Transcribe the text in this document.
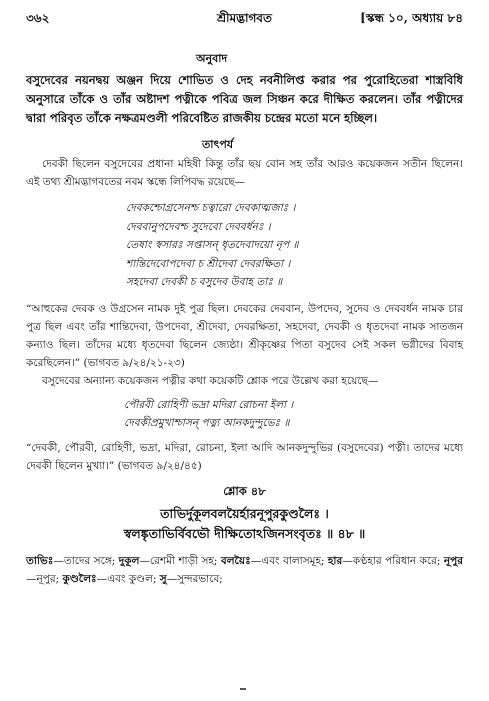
৩৬২	শ্রীমদ্ভাগবত	[স্কন্ধ ১০, অধ্যায় ৮৪
অনুবাদ

বসুদেবের নয়নদ্বয় অঞ্জন দিয়ে শোভিত ও দেহ নবনীলিপ্ত করার পর পুরোহিতেরা শাস্ত্রবিধি অনুসারে তাঁকে ও তাঁর অষ্টাদশ পত্নীকে পবিত্র জল সিঞ্চন করে দীক্ষিত করলেন। তাঁর পত্নীদের দ্বারা পরিবৃত তাঁকে নক্ষত্রমণ্ডলী পরিবেষ্টিত রাজকীয় চন্দ্রের মতো মনে হচ্ছিল।

তাৎপর্য

দেবকী ছিলেন বসুদেবের প্রধানা মহিষী কিন্তু তাঁর ছয় বোন সহ তাঁর আরও কয়েকজন সতীন ছিলেন। এই তথ্য শ্রীমদ্ভাগবতের নবম স্কন্ধে লিপিবদ্ধ রয়েছে—

দেবকশ্চোগ্রসেনশ্চ চত্বারো দেবকাত্মজাঃ ।
দেববানুপদেবশ্চ সুদেবো দেববর্ধনঃ ।
তেষাং স্বসারঃ সপ্তাসন্ ধৃতদেবাদয়ো নৃপ ॥
শান্তিদেবোপদেবা চ শ্রীদেবা দেবরক্ষিতা ।
সহদেবা দেবকী চ বসুদেব উবাহ তাঃ ॥

“আহুকের দেবক ও উগ্রসেন নামক দুই পুত্র ছিল। দেবকের দেববান, উপদেব, সুদেব ও দেববর্ধন নামক চার পুত্র ছিল এবং তাঁর শান্তিদেবা, উপদেবা, শ্রীদেবা, দেবরক্ষিতা, সহদেবা, দেবকী ও ধৃতদেবা নামক সাতজন কন্যাও ছিল। তাঁদের মধ্যে ধৃতদেবা ছিলেন জ্যেষ্ঠা। শ্রীকৃষ্ণের পিতা বসুদেব সেই সকল ভগ্নীদের বিবাহ করেছিলেন।” (ভাগবত ৯/২৪/২১-২৩)

বসুদেবের অন্যান্য কয়েকজন পত্নীর কথা কয়েকটি শ্লোক পরে উল্লেখ করা হয়েছে—

পৌরবী রোহিণী ভদ্রা মদিরা রোচনা ইলা ।
দেবকীপ্রমুখাশ্চাসন্ পত্ন্য আনকদুন্দুভেঃ ॥

“দেবকী, পৌরবী, রোহিণী, ভদ্রা, মদিরা, রোচনা, ইলা আদি আনকদুন্দুভির (বসুদেবের) পত্নী। তাদের মধ্যে দেবকী ছিলেন মুখ্যা।” (ভাগবত ৯/২৪/৪৫)

শ্লোক ৪৮
তাভির্দুকূলবলয়ৈর্হারনূপুরকুণ্ডলৈঃ ।
স্বলঙ্কৃতাভির্বিবভৌ দীক্ষিতোঽজিনসংবৃতঃ ॥ ৪৮ ॥
তাভিঃ—তাদের সঙ্গে; দুকূল—রেশমী শাড়ী সহ; বলয়ৈঃ—এবং বালাসমূহ; হার—কণ্ঠহার পরিধান করে; নূপুর—নূপুর; কুণ্ডলৈঃ—এবং কুণ্ডল; সু—সুন্দরভাবে;
